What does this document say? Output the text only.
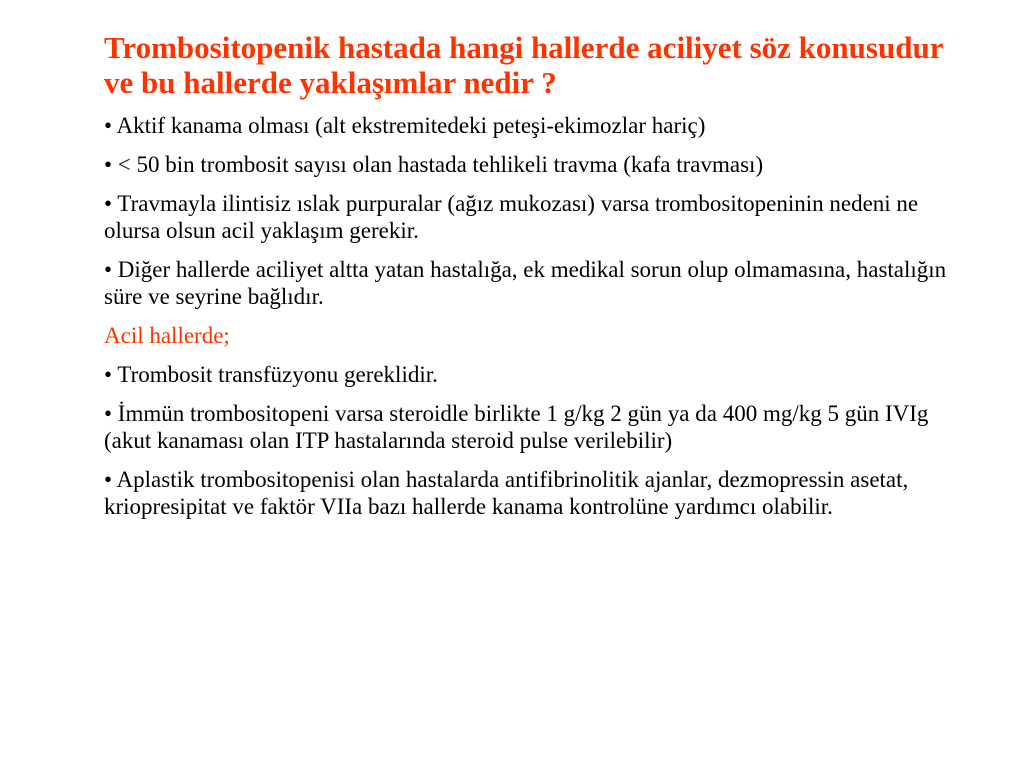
Trombositopenik hastada hangi hallerde aciliyet söz konusudur ve bu hallerde yaklaşımlar nedir ?

• Aktif kanama olması (alt ekstremitedeki peteşi-ekimozlar hariç)

• < 50 bin trombosit sayısı olan hastada tehlikeli travma (kafa travması)

• Travmayla ilintisiz ıslak purpuralar (ağız mukozası) varsa trombositopeninin nedeni ne olursa olsun acil yaklaşım gerekir.

• Diğer hallerde aciliyet altta yatan hastalığa, ek medikal sorun olup olmamasına, hastalığın süre ve seyrine bağlıdır.

Acil hallerde;

• Trombosit transfüzyonu gereklidir.

• İmmün trombositopeni varsa steroidle birlikte 1 g/kg 2 gün ya da 400 mg/kg 5 gün IVIg (akut kanaması olan ITP hastalarında steroid pulse verilebilir)

• Aplastik trombositopenisi olan hastalarda antifibrinolitik ajanlar, dezmopressin asetat, kriopresipitat ve faktör VIIa bazı hallerde kanama kontrolüne yardımcı olabilir.
